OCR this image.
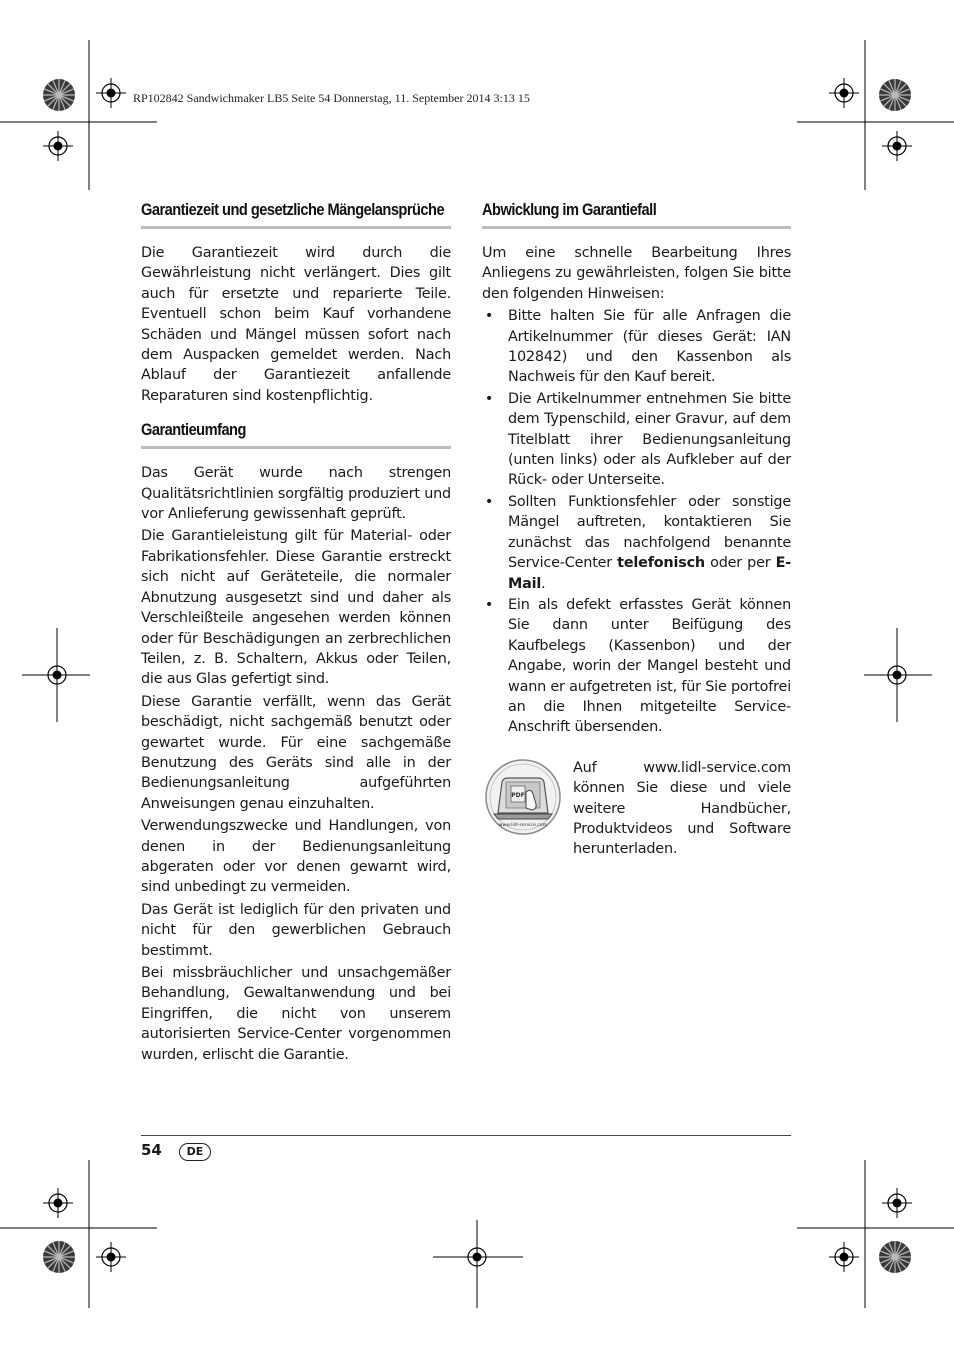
RP102842 Sandwichmaker LB5 Seite 54 Donnerstag, 11. September 2014 3:13 15
Garantiezeit und gesetzliche Mängelansprüche

Die Garantiezeit wird durch die Gewährleistung nicht verlängert. Dies gilt auch für ersetzte und reparierte Teile. Eventuell schon beim Kauf vorhandene Schäden und Mängel müssen sofort nach dem Auspacken gemeldet werden. Nach Ablauf der Garantiezeit anfallende Reparaturen sind kostenpflichtig.

Garantieumfang

Das Gerät wurde nach strengen Qualitätsrichtlinien sorgfältig produziert und vor Anlieferung gewissenhaft geprüft.

Die Garantieleistung gilt für Material- oder Fabrikationsfehler. Diese Garantie erstreckt sich nicht auf Geräteteile, die normaler Abnutzung ausgesetzt sind und daher als Verschleißteile angesehen werden können oder für Beschädigungen an zerbrechlichen Teilen, z. B. Schaltern, Akkus oder Teilen, die aus Glas gefertigt sind.

Diese Garantie verfällt, wenn das Gerät beschädigt, nicht sachgemäß benutzt oder gewartet wurde. Für eine sachgemäße Benutzung des Geräts sind alle in der Bedienungsanleitung aufgeführten Anweisungen genau einzuhalten.

Verwendungszwecke und Handlungen, von denen in der Bedienungsanleitung abgeraten oder vor denen gewarnt wird, sind unbedingt zu vermeiden.

Das Gerät ist lediglich für den privaten und nicht für den gewerblichen Gebrauch bestimmt.

Bei missbräuchlicher und unsachgemäßer Behandlung, Gewaltanwendung und bei Eingriffen, die nicht von unserem autorisierten Service-Center vorgenommen wurden, erlischt die Garantie.

Abwicklung im Garantiefall

Um eine schnelle Bearbeitung Ihres Anliegens zu gewährleisten, folgen Sie bitte den folgenden Hinweisen:

• Bitte halten Sie für alle Anfragen die Artikelnummer (für dieses Gerät: IAN 102842) und den Kassenbon als Nachweis für den Kauf bereit.
• Die Artikelnummer entnehmen Sie bitte dem Typenschild, einer Gravur, auf dem Titelblatt ihrer Bedienungsanleitung (unten links) oder als Aufkleber auf der Rück- oder Unterseite.
• Sollten Funktionsfehler oder sonstige Mängel auftreten, kontaktieren Sie zunächst das nachfolgend benannte Service-Center telefonisch oder per E-Mail.
• Ein als defekt erfasstes Gerät können Sie dann unter Beifügung des Kaufbelegs (Kassenbon) und der Angabe, worin der Mangel besteht und wann er aufgetreten ist, für Sie portofrei an die Ihnen mitgeteilte Service-Anschrift übersenden.
PDF
www.lidl-service.com

Auf www.lidl-service.com können Sie diese und viele weitere Handbücher, Produktvideos und Software herunterladen.

54	DE
